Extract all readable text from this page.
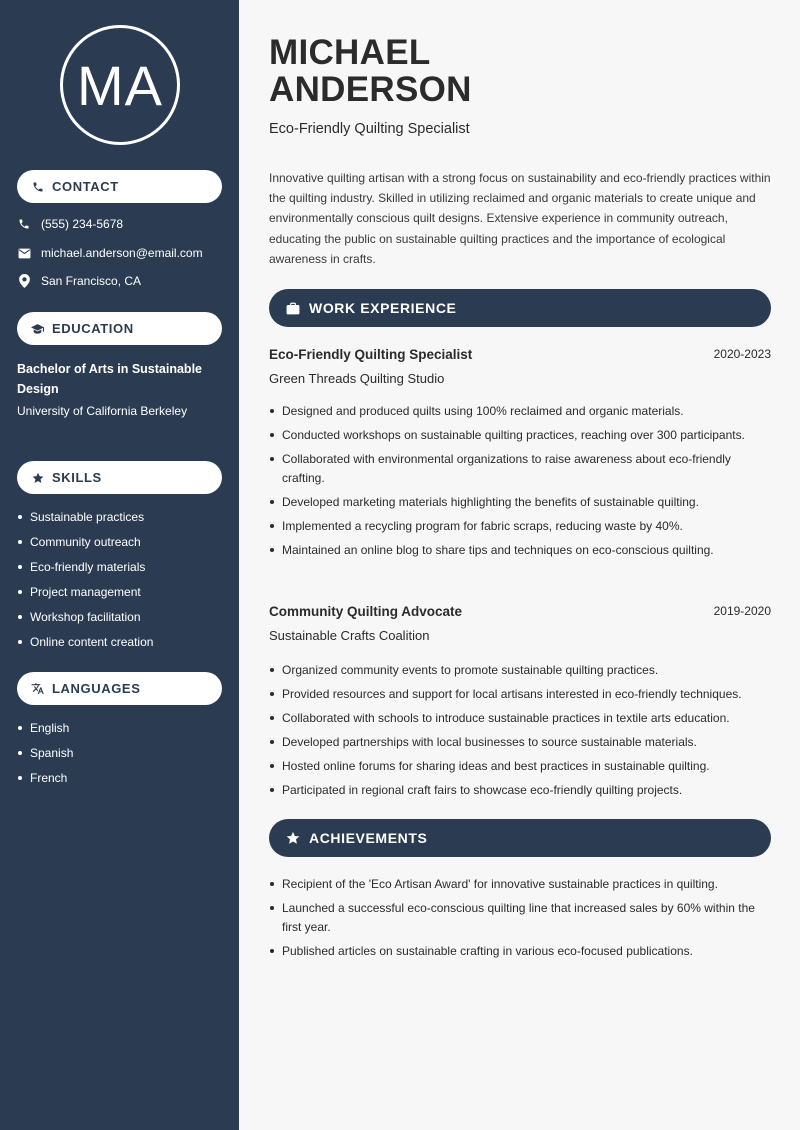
MA
CONTACT
(555) 234-5678
michael.anderson@email.com
San Francisco, CA
EDUCATION
Bachelor of Arts in Sustainable Design
University of California Berkeley
SKILLS
Sustainable practices
Community outreach
Eco-friendly materials
Project management
Workshop facilitation
Online content creation
LANGUAGES
English
Spanish
French
MICHAEL
ANDERSON
Eco-Friendly Quilting Specialist

Innovative quilting artisan with a strong focus on sustainability and eco-friendly practices within the quilting industry. Skilled in utilizing reclaimed and organic materials to create unique and environmentally conscious quilt designs. Extensive experience in community outreach, educating the public on sustainable quilting practices and the importance of ecological awareness in crafts.

WORK EXPERIENCE
Eco-Friendly Quilting Specialist	2020-2023
Green Threads Quilting Studio
Designed and produced quilts using 100% reclaimed and organic materials.
Conducted workshops on sustainable quilting practices, reaching over 300 participants.
Collaborated with environmental organizations to raise awareness about eco-friendly crafting.
Developed marketing materials highlighting the benefits of sustainable quilting.
Implemented a recycling program for fabric scraps, reducing waste by 40%.
Maintained an online blog to share tips and techniques on eco-conscious quilting.
Community Quilting Advocate	2019-2020
Sustainable Crafts Coalition
Organized community events to promote sustainable quilting practices.
Provided resources and support for local artisans interested in eco-friendly techniques.
Collaborated with schools to introduce sustainable practices in textile arts education.
Developed partnerships with local businesses to source sustainable materials.
Hosted online forums for sharing ideas and best practices in sustainable quilting.
Participated in regional craft fairs to showcase eco-friendly quilting projects.
ACHIEVEMENTS
Recipient of the 'Eco Artisan Award' for innovative sustainable practices in quilting.
Launched a successful eco-conscious quilting line that increased sales by 60% within the first year.
Published articles on sustainable crafting in various eco-focused publications.
